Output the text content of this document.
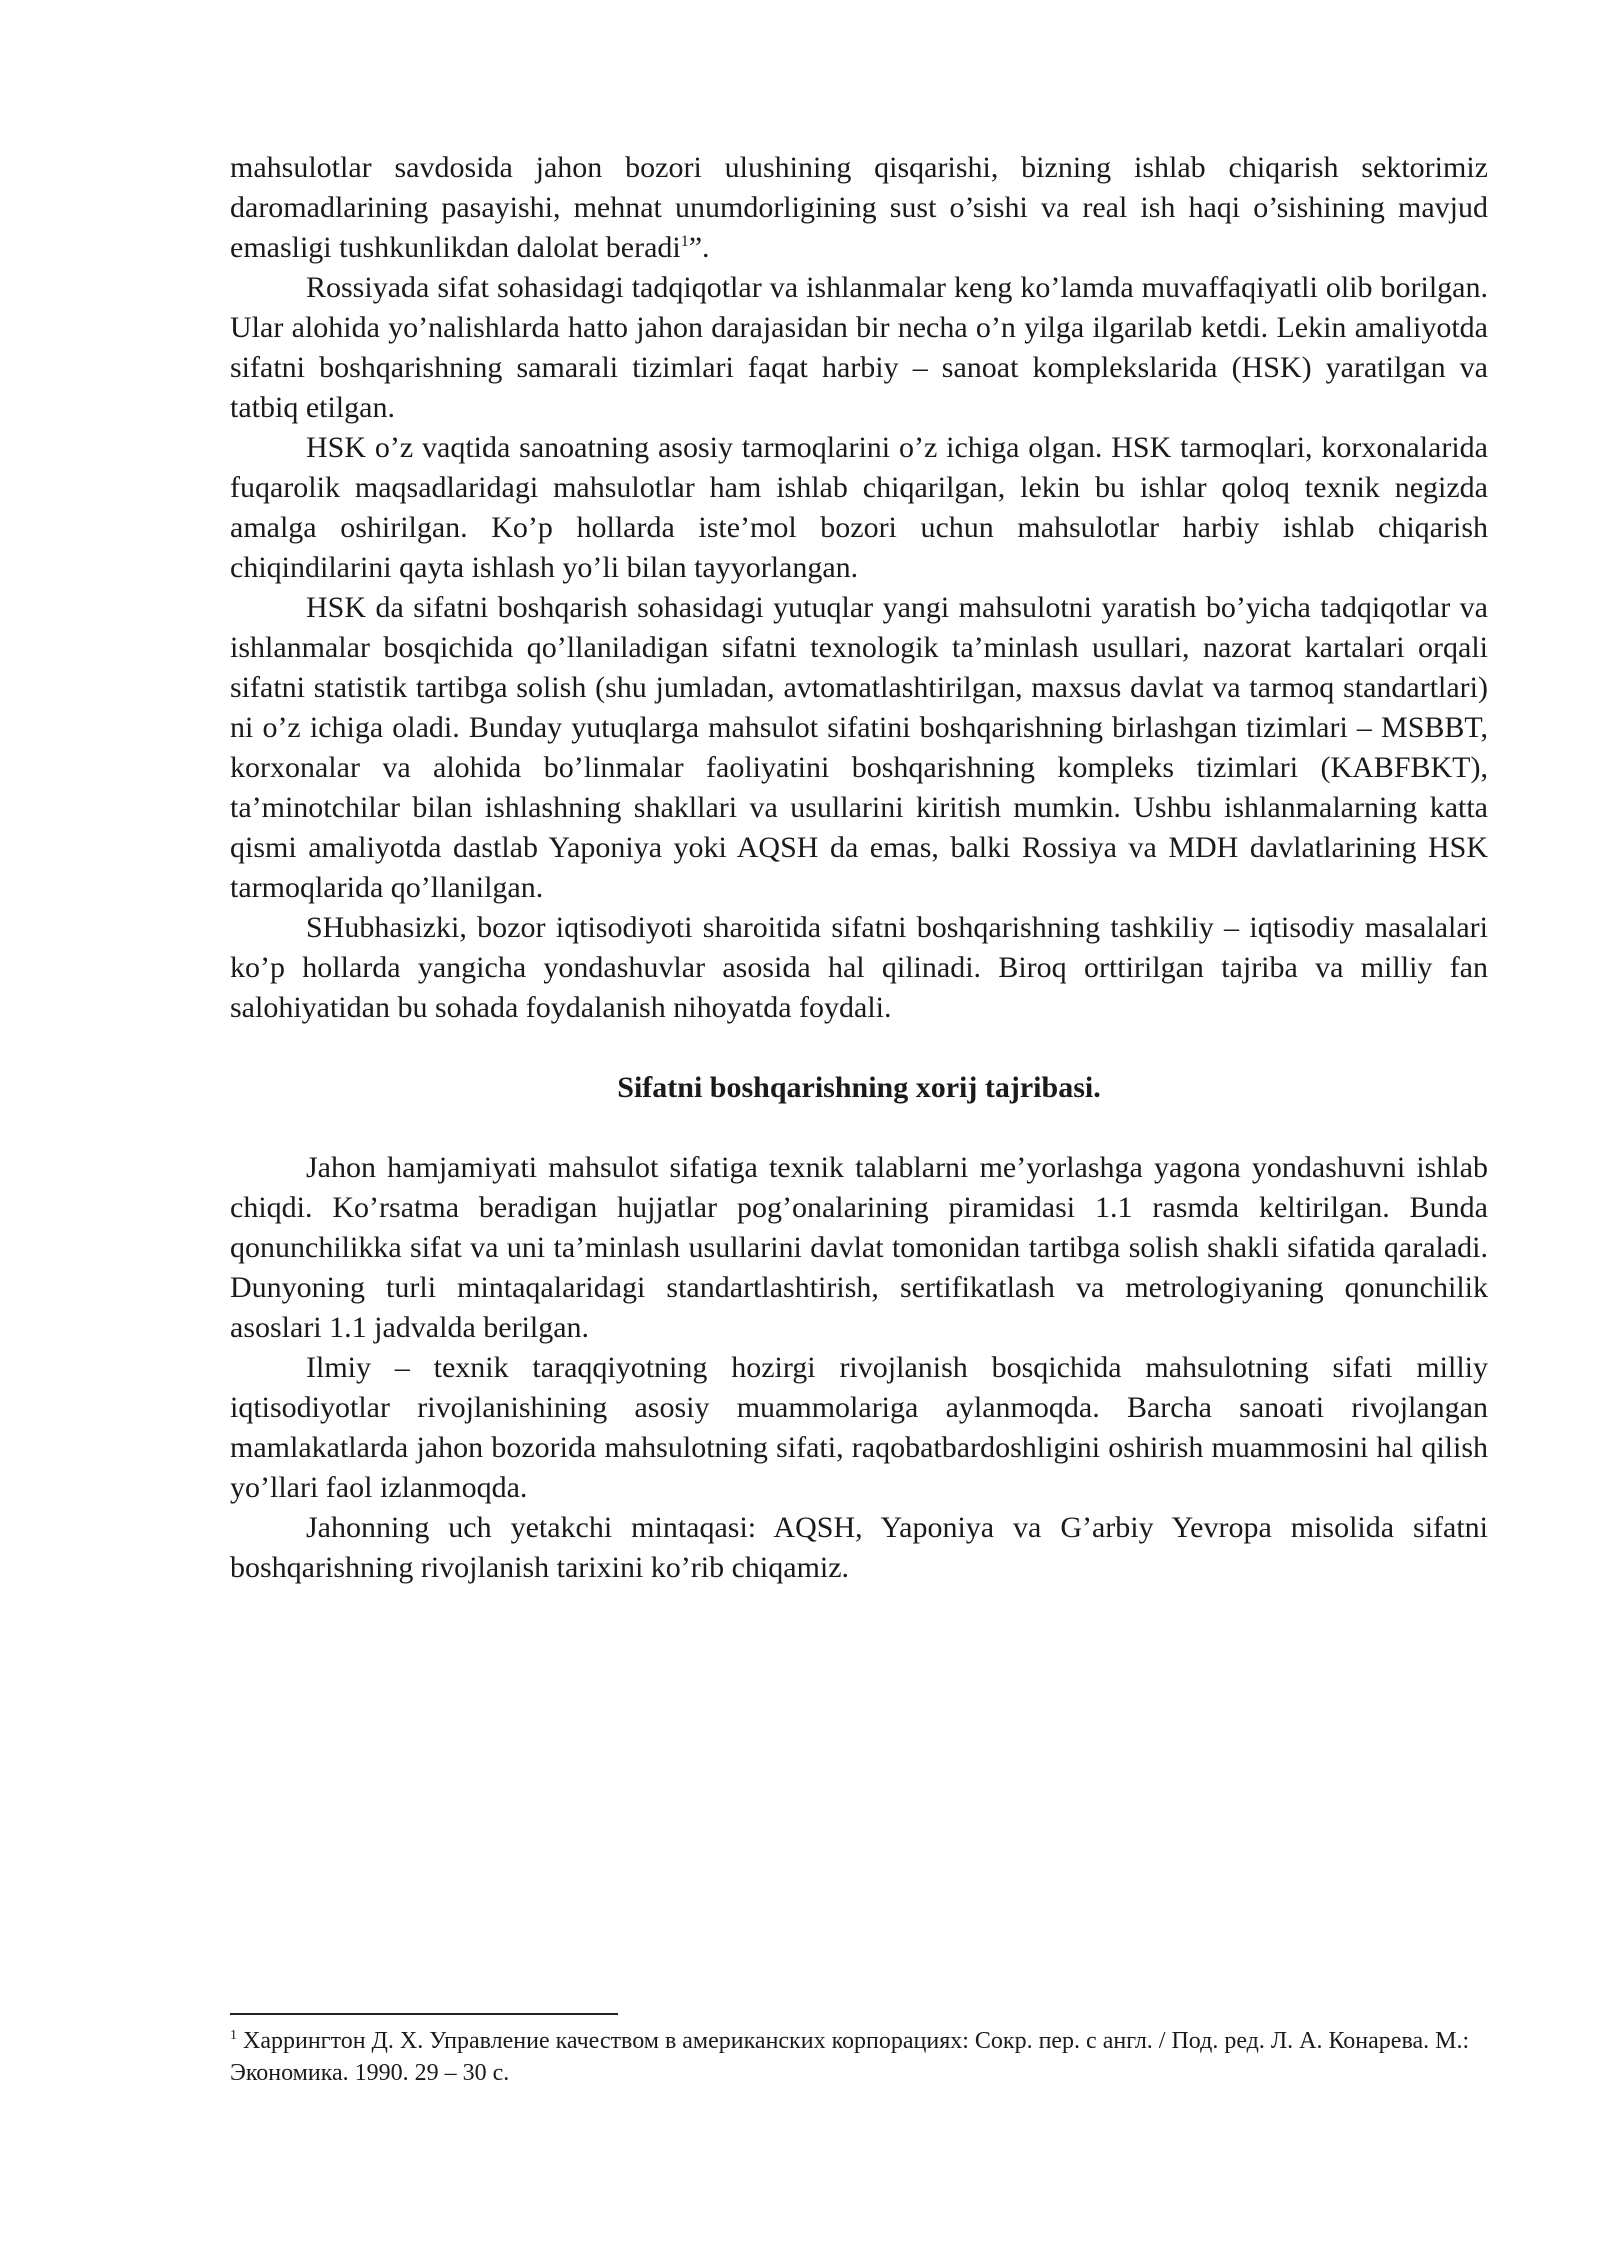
mahsulotlar savdosida jahon bozori ulushining qisqarishi, bizning ishlab chiqarish sektorimiz daromadlarining pasayishi, mehnat unumdorligining sust o’sishi va real ish haqi o’sishining mavjud emasligi tushkunlikdan dalolat beradi$^1$”.

Rossiyada sifat sohasidagi tadqiqotlar va ishlanmalar keng ko’lamda muvaffaqiyatli olib borilgan. Ular alohida yo’nalishlarda hatto jahon darajasidan bir necha o’n yilga ilgarilab ketdi. Lekin amaliyotda sifatni boshqarishning samarali tizimlari faqat harbiy – sanoat komplekslarida (HSK) yaratilgan va tatbiq etilgan.

HSK o’z vaqtida sanoatning asosiy tarmoqlarini o’z ichiga olgan. HSK tarmoqlari, korxonalarida fuqarolik maqsadlaridagi mahsulotlar ham ishlab chiqarilgan, lekin bu ishlar qoloq texnik negizda amalga oshirilgan. Ko’p hollarda iste’mol bozori uchun mahsulotlar harbiy ishlab chiqarish chiqindilarini qayta ishlash yo’li bilan tayyorlangan.

HSK da sifatni boshqarish sohasidagi yutuqlar yangi mahsulotni yaratish bo’yicha tadqiqotlar va ishlanmalar bosqichida qo’llaniladigan sifatni texnologik ta’minlash usullari, nazorat kartalari orqali sifatni statistik tartibga solish (shu jumladan, avtomatlashtirilgan, maxsus davlat va tarmoq standartlari) ni o’z ichiga oladi. Bunday yutuqlarga mahsulot sifatini boshqarishning birlashgan tizimlari – MSBBT, korxonalar va alohida bo’linmalar faoliyatini boshqarishning kompleks tizimlari (KABFBKT), ta’minotchilar bilan ishlashning shakllari va usullarini kiritish mumkin. Ushbu ishlanmalarning katta qismi amaliyotda dastlab Yaponiya yoki AQSH da emas, balki Rossiya va MDH davlatlarining HSK tarmoqlarida qo’llanilgan.

SHubhasizki, bozor iqtisodiyoti sharoitida sifatni boshqarishning tashkiliy – iqtisodiy masalalari ko’p hollarda yangicha yondashuvlar asosida hal qilinadi. Biroq orttirilgan tajriba va milliy fan salohiyatidan bu sohada foydalanish nihoyatda foydali.

Sifatni boshqarishning xorij tajribasi.

Jahon hamjamiyati mahsulot sifatiga texnik talablarni me’yorlashga yagona yondashuvni ishlab chiqdi. Ko’rsatma beradigan hujjatlar pog’onalarining piramidasi 1.1 rasmda keltirilgan. Bunda qonunchilikka sifat va uni ta’minlash usullarini davlat tomonidan tartibga solish shakli sifatida qaraladi. Dunyoning turli mintaqalaridagi standartlashtirish, sertifikatlash va metrologiyaning qonunchilik asoslari 1.1 jadvalda berilgan.

Ilmiy – texnik taraqqiyotning hozirgi rivojlanish bosqichida mahsulotning sifati milliy iqtisodiyotlar rivojlanishining asosiy muammolariga aylanmoqda. Barcha sanoati rivojlangan mamlakatlarda jahon bozorida mahsulotning sifati, raqobatbardoshligini oshirish muammosini hal qilish yo’llari faol izlanmoqda.

Jahonning uch yetakchi mintaqasi: AQSH, Yaponiya va G’arbiy Yevropa misolida sifatni boshqarishning rivojlanish tarixini ko’rib chiqamiz.

$^1$ Харрингтон Д. Х. Управление качеством в американских корпорациях: Сокр. пер. с англ. / Под. ред. Л. А. Конарева. М.: Экономика. 1990. 29 – 30 с.
